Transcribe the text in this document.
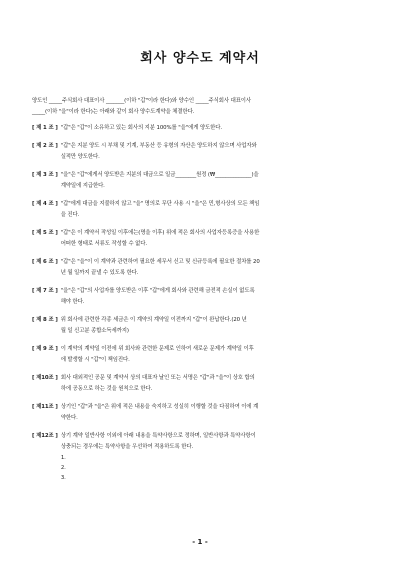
회사 양수도 계약서

양도인 _____주식회사 대표이사 _______(이하 "갑"이라 한다)와 양수인 _____주식회사 대표이사
_____(이하 "을"이라 한다)는 아래와 같이 회사 양수도계약을 체결한다.

[ 제 1 조 ] "갑"은 "갑"이 소유하고 있는 회사의 지분 100%를 "을"에게 양도한다.
[ 제 2 조 ] "갑"은 지분 양도 시 부채 및 기계, 부동산 등 유형의 자산은 양도하지 않으며 사업자와
실적만 양도한다.
[ 제 3 조 ] "을"은 "갑"에게서 양도받은 지분의 대금으로 일금________원정 (₩______________)을
계약일에 지급한다.
[ 제 4 조 ] "갑"에게 대금을 지불하지 않고 "을" 명의로 무단 사용 시 "을"은 민,형사상의 모든 책임
을 진다.
[ 제 5 조 ] "갑"은 이 계약서 작성일 이후에는(명을 이후) 위에 적은 회사의 사업자등록증을 사용한
어떠한 형태로 서류도 작성할 수 없다.
[ 제 6 조 ] "갑"은 "을"이 이 계약과 관련하여 필요한 세무서 신고 및 신규등록에 필요한 절차를 20
년 월 일까지 끝낼 수 있도록 한다.
[ 제 7 조 ] "을"은 "갑"의 사업자를 양도받은 이후 "갑"에게 회사와 관련해 금전적 손실이 없도록
해야 한다.
[ 제 8 조 ] 위 회사에 관련한 각종 세금은 이 계약의 계약일 이전까지 "갑"이 완납한다.(20 년
월 일 신고분 종합소득세까지)
[ 제 9 조 ] 이 계약의 계약일 이전에 위 회사와 관련한 문제로 인하여 새로운 문제가 계약일 이후
에 발생할 시 "갑"이 책임진다.
[ 제10조 ] 회사 대외적인 공문 및 계약서 상의 대표자 날인 또는 서명은 "갑"과 "을"이 상호 합의
하에 공동으로 하는 것을 원칙으로 한다.
[ 제11조 ] 상기인 "갑"과 "을"은 위에 적은 내용을 숙지하고 성실히 이행할 것을 다짐하여 이에 계
약한다.
[ 제12조 ] 상기 계약 일반사항 이외에 아래 내용을 특약사항으로 정하며, 일반사항과 특약사항이
상충되는 경우에는 특약사항을 우선하여 적용하도록 한다.
1.
2.
3.
- 1 -
